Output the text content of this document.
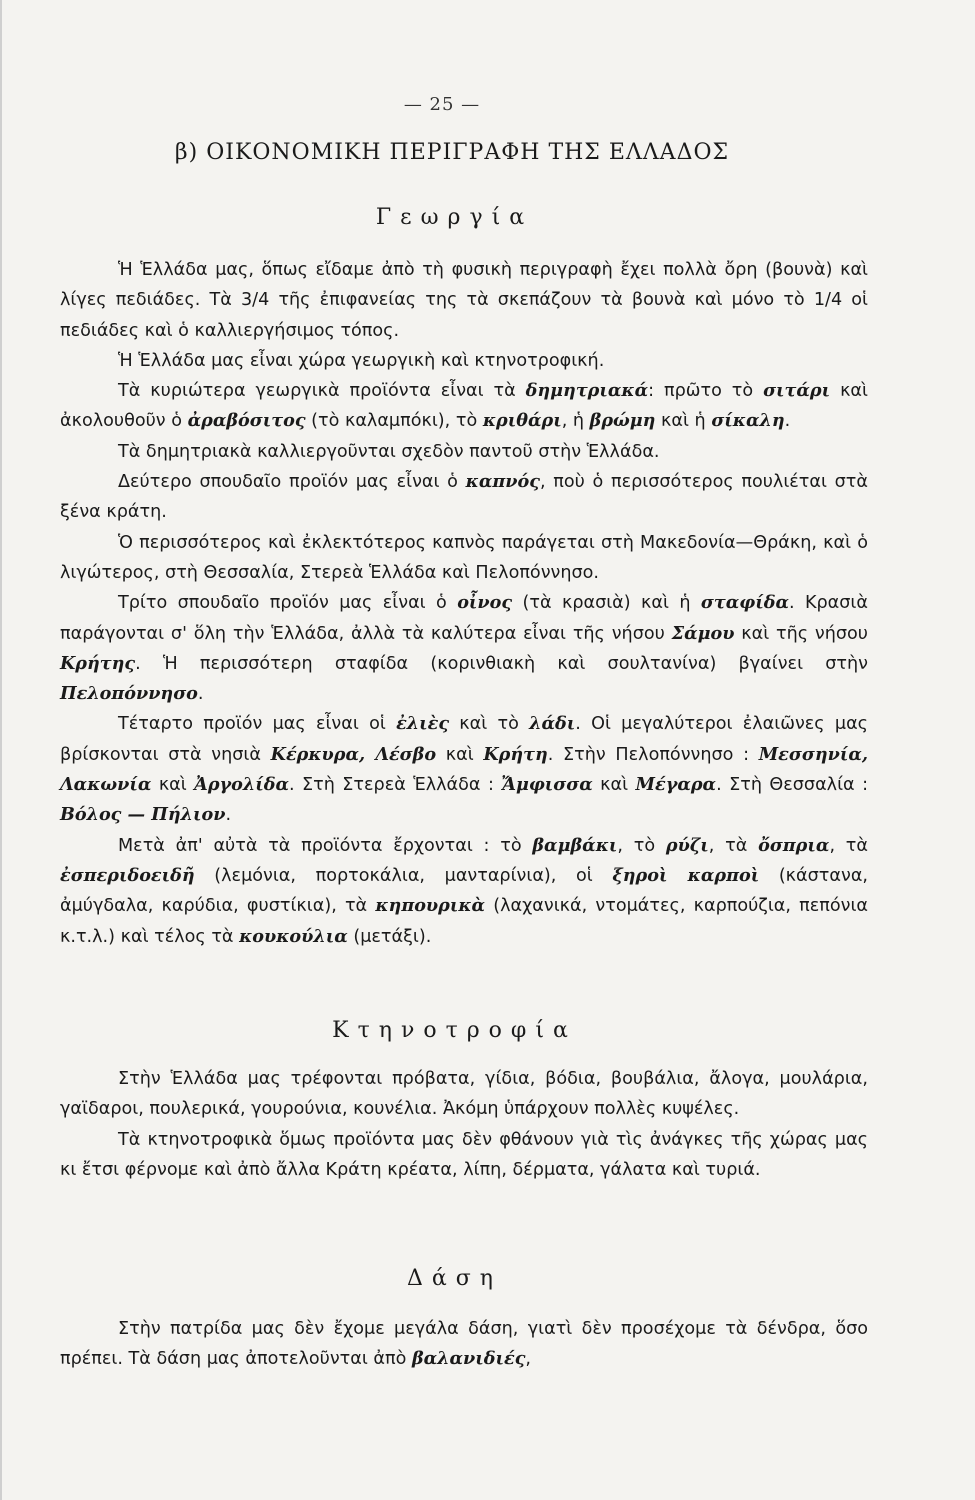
— 25 —
β) ΟΙΚΟΝΟΜΙΚΗ ΠΕΡΙΓΡΑΦΗ ΤΗΣ ΕΛΛΑΔΟΣ
Γεωργία

Ἡ Ἑλλάδα μας, ὅπως εἴδαμε ἀπὸ τὴ φυσικὴ περιγραφὴ ἔχει πολλὰ ὄρη (βουνὰ) καὶ λίγες πεδιάδες. Τὰ 3/4 τῆς ἐπιφανείας της τὰ σκεπάζουν τὰ βουνὰ καὶ μόνο τὸ 1/4 οἱ πεδιάδες καὶ ὁ καλλιεργήσιμος τόπος.

Ἡ Ἑλλάδα μας εἶναι χώρα γεωργικὴ καὶ κτηνοτροφική.

Τὰ κυριώτερα γεωργικὰ προϊόντα εἶναι τὰ δημητριακά: πρῶτο τὸ σιτάρι καὶ ἀκολουθοῦν ὁ ἀραβόσιτος (τὸ καλαμπόκι), τὸ κριθάρι, ἡ βρώμη καὶ ἡ σίκαλη.

Τὰ δημητριακὰ καλλιεργοῦνται σχεδὸν παντοῦ στὴν Ἑλλάδα.

Δεύτερο σπουδαῖο προϊόν μας εἶναι ὁ καπνός, ποὺ ὁ περισσότερος πουλιέται στὰ ξένα κράτη.

Ὁ περισσότερος καὶ ἐκλεκτότερος καπνὸς παράγεται στὴ Μακεδονία—Θράκη, καὶ ὁ λιγώτερος, στὴ Θεσσαλία, Στερεὰ Ἑλλάδα καὶ Πελοπόννησο.

Τρίτο σπουδαῖο προϊόν μας εἶναι ὁ οἶνος (τὰ κρασιὰ) καὶ ἡ σταφίδα. Κρασιὰ παράγονται σ' ὅλη τὴν Ἑλλάδα, ἀλλὰ τὰ καλύτερα εἶναι τῆς νήσου Σάμου καὶ τῆς νήσου Κρήτης. Ἡ περισσότερη σταφίδα (κορινθιακὴ καὶ σουλτανίνα) βγαίνει στὴν Πελοπόννησο.

Τέταρτο προϊόν μας εἶναι οἱ ἐλιὲς καὶ τὸ λάδι. Οἱ μεγαλύτεροι ἐλαιῶνες μας βρίσκονται στὰ νησιὰ Κέρκυρα, Λέσβο καὶ Κρήτη. Στὴν Πελοπόννησο : Μεσσηνία, Λακωνία καὶ Ἀργολίδα. Στὴ Στερεὰ Ἑλλάδα : Ἄμφισσα καὶ Μέγαρα. Στὴ Θεσσαλία : Βόλος — Πήλιον.

Μετὰ ἀπ' αὐτὰ τὰ προϊόντα ἔρχονται : τὸ βαμβάκι, τὸ ρύζι, τὰ ὄσπρια, τὰ ἐσπεριδοειδῆ (λεμόνια, πορτοκάλια, μανταρίνια), οἱ ξηροὶ καρποὶ (κάστανα, ἀμύγδαλα, καρύδια, φυστίκια), τὰ κηπουρικὰ (λαχανικά, ντομάτες, καρπούζια, πεπόνια κ.τ.λ.) καὶ τέλος τὰ κουκούλια (μετάξι).

Κτηνοτροφία

Στὴν Ἑλλάδα μας τρέφονται πρόβατα, γίδια, βόδια, βουβάλια, ἄλογα, μουλάρια, γαϊδαροι, πουλερικά, γουρούνια, κουνέλια. Ἀκόμη ὑπάρχουν πολλὲς κυψέλες.

Τὰ κτηνοτροφικὰ ὅμως προϊόντα μας δὲν φθάνουν γιὰ τὶς ἀνάγκες τῆς χώρας μας κι ἔτσι φέρνομε καὶ ἀπὸ ἄλλα Κράτη κρέατα, λίπη, δέρματα, γάλατα καὶ τυριά.

Δάση

Στὴν πατρίδα μας δὲν ἔχομε μεγάλα δάση, γιατὶ δὲν προσέχομε τὰ δένδρα, ὅσο πρέπει. Τὰ δάση μας ἀποτελοῦνται ἀπὸ βαλανιδιές,
